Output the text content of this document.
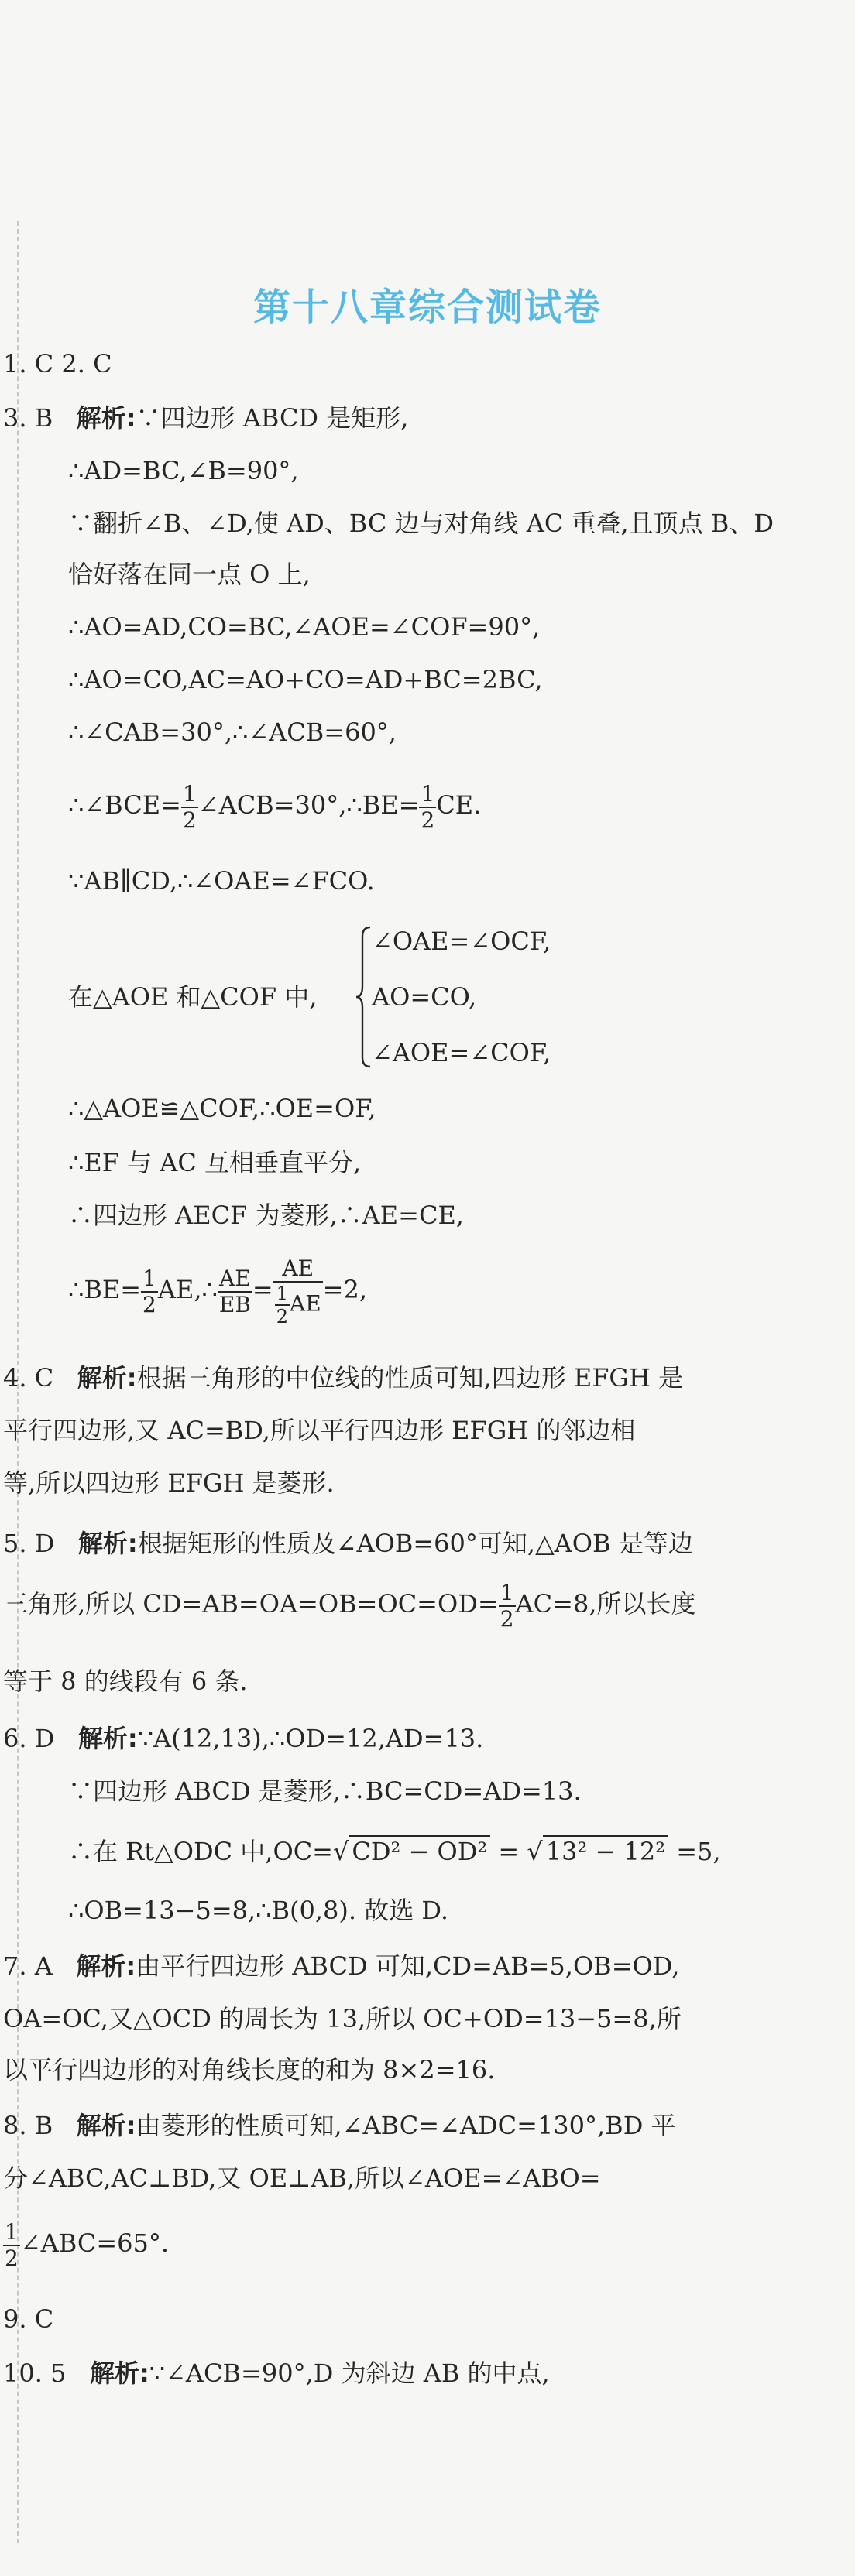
第十八章综合测试卷
1. C 2. C
3. B 解析:∵四边形 ABCD 是矩形,
∴AD=BC,∠B=90°,
∵翻折∠B、∠D,使 AD、BC 边与对角线 AC 重叠,且顶点 B、D
恰好落在同一点 O 上,
∴AO=AD,CO=BC,∠AOE=∠COF=90°,
∴AO=CO,AC=AO+CO=AD+BC=2BC,
∴∠CAB=30°,∴∠ACB=60°,
∴∠BCE= $\frac{1}{2}$ ∠ACB=30°,∴BE= $\frac{1}{2}$ CE.
∵AB∥CD,∴∠OAE=∠FCO.
在△AOE 和△COF 中,
∠OAE=∠OCF,
AO=CO,
∠AOE=∠COF,
∴△AOE≌△COF,∴OE=OF,
∴EF 与 AC 互相垂直平分,
∴四边形 AECF 为菱形,∴AE=CE,
∴BE= $\frac{1}{2}$ AE,∴ $\frac{AE}{EB} = \frac{AE}{\frac{1}{2} AE} =2$,
4. C 解析:根据三角形的中位线的性质可知,四边形 EFGH 是
平行四边形,又 AC=BD,所以平行四边形 EFGH 的邻边相
等,所以四边形 EFGH 是菱形.
5. D 解析:根据矩形的性质及∠AOB=60°可知,△AOB 是等边
三角形,所以 $CD=AB=OA=OB=OC=OD= \frac{1}{2} AC=8$,所以长度
等于 8 的线段有 6 条.
6. D 解析:∵A(12,13),∴OD=12,AD=13.
∵四边形 ABCD 是菱形,∴BC=CD=AD=13.
∴在 Rt△ODC 中,OC=√ CD² − OD² = √ 13² − 12² =5,
∴OB=13−5=8,∴B(0,8). 故选 D.
7. A 解析:由平行四边形 ABCD 可知,CD=AB=5,OB=OD,
OA=OC,又△OCD 的周长为 13,所以 OC+OD=13−5=8,所
以平行四边形的对角线长度的和为 8×2=16.
8. B 解析:由菱形的性质可知,∠ABC=∠ADC=130°,BD 平
分∠ABC,AC⊥BD,又 OE⊥AB,所以∠AOE=∠ABO=
$\frac{1}{2}$ ∠ABC=65°.
9. C
10. 5 解析:∵∠ACB=90°,D 为斜边 AB 的中点,
